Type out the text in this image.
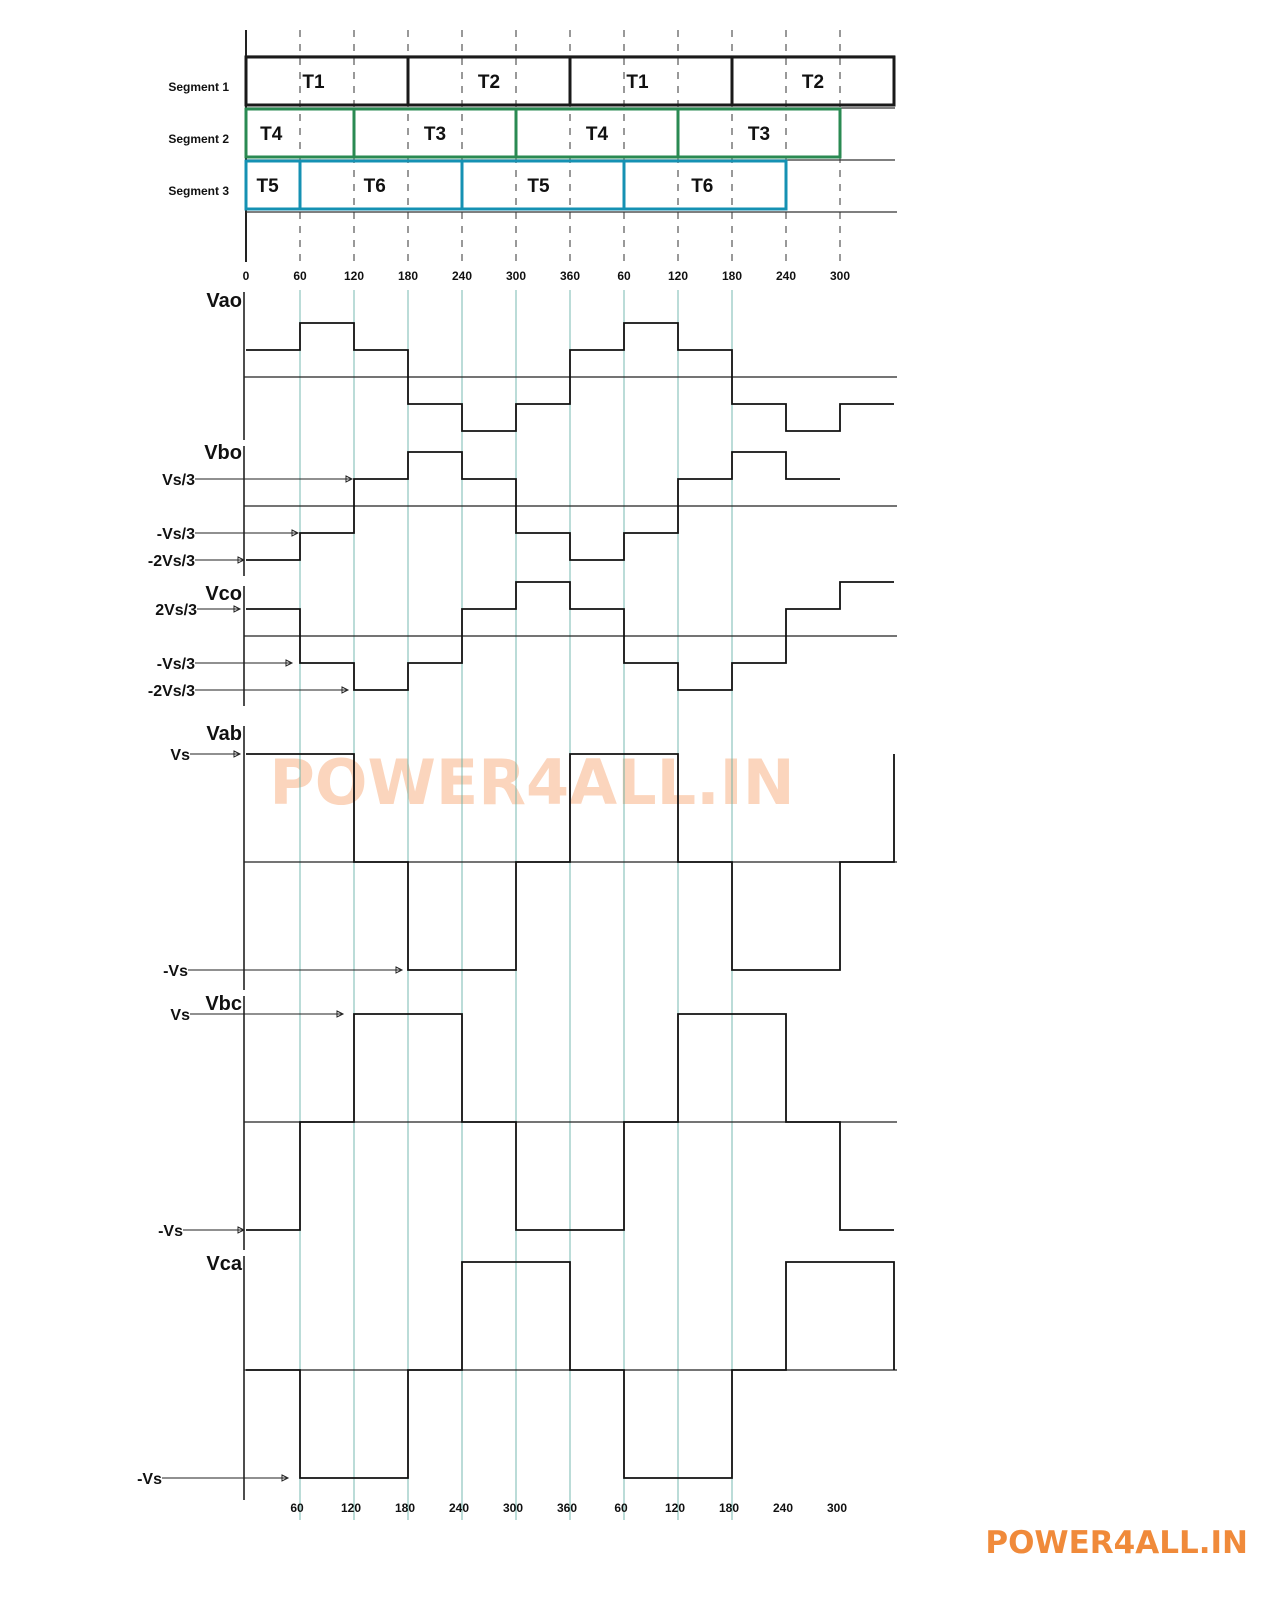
POWER4ALL.IN
Segment 1	T1	T2	T1	T2
Segment 2 T4	T3	T4	T3
Segment 3 T5	T6	T5	T6
Vao
Vbo
Vs/3
-Vs/3
-2Vs/3
Vco
2Vs/3
-Vs/3
-2Vs/3
Vab
Vs
-Vs
Vbc
Vs
-Vs
Vca
-Vs
0	60	120	180	240	300	360	60	120	180	240	300
60	120	180	240	300	360	60	120	180	240	300
POWER4ALL.IN
